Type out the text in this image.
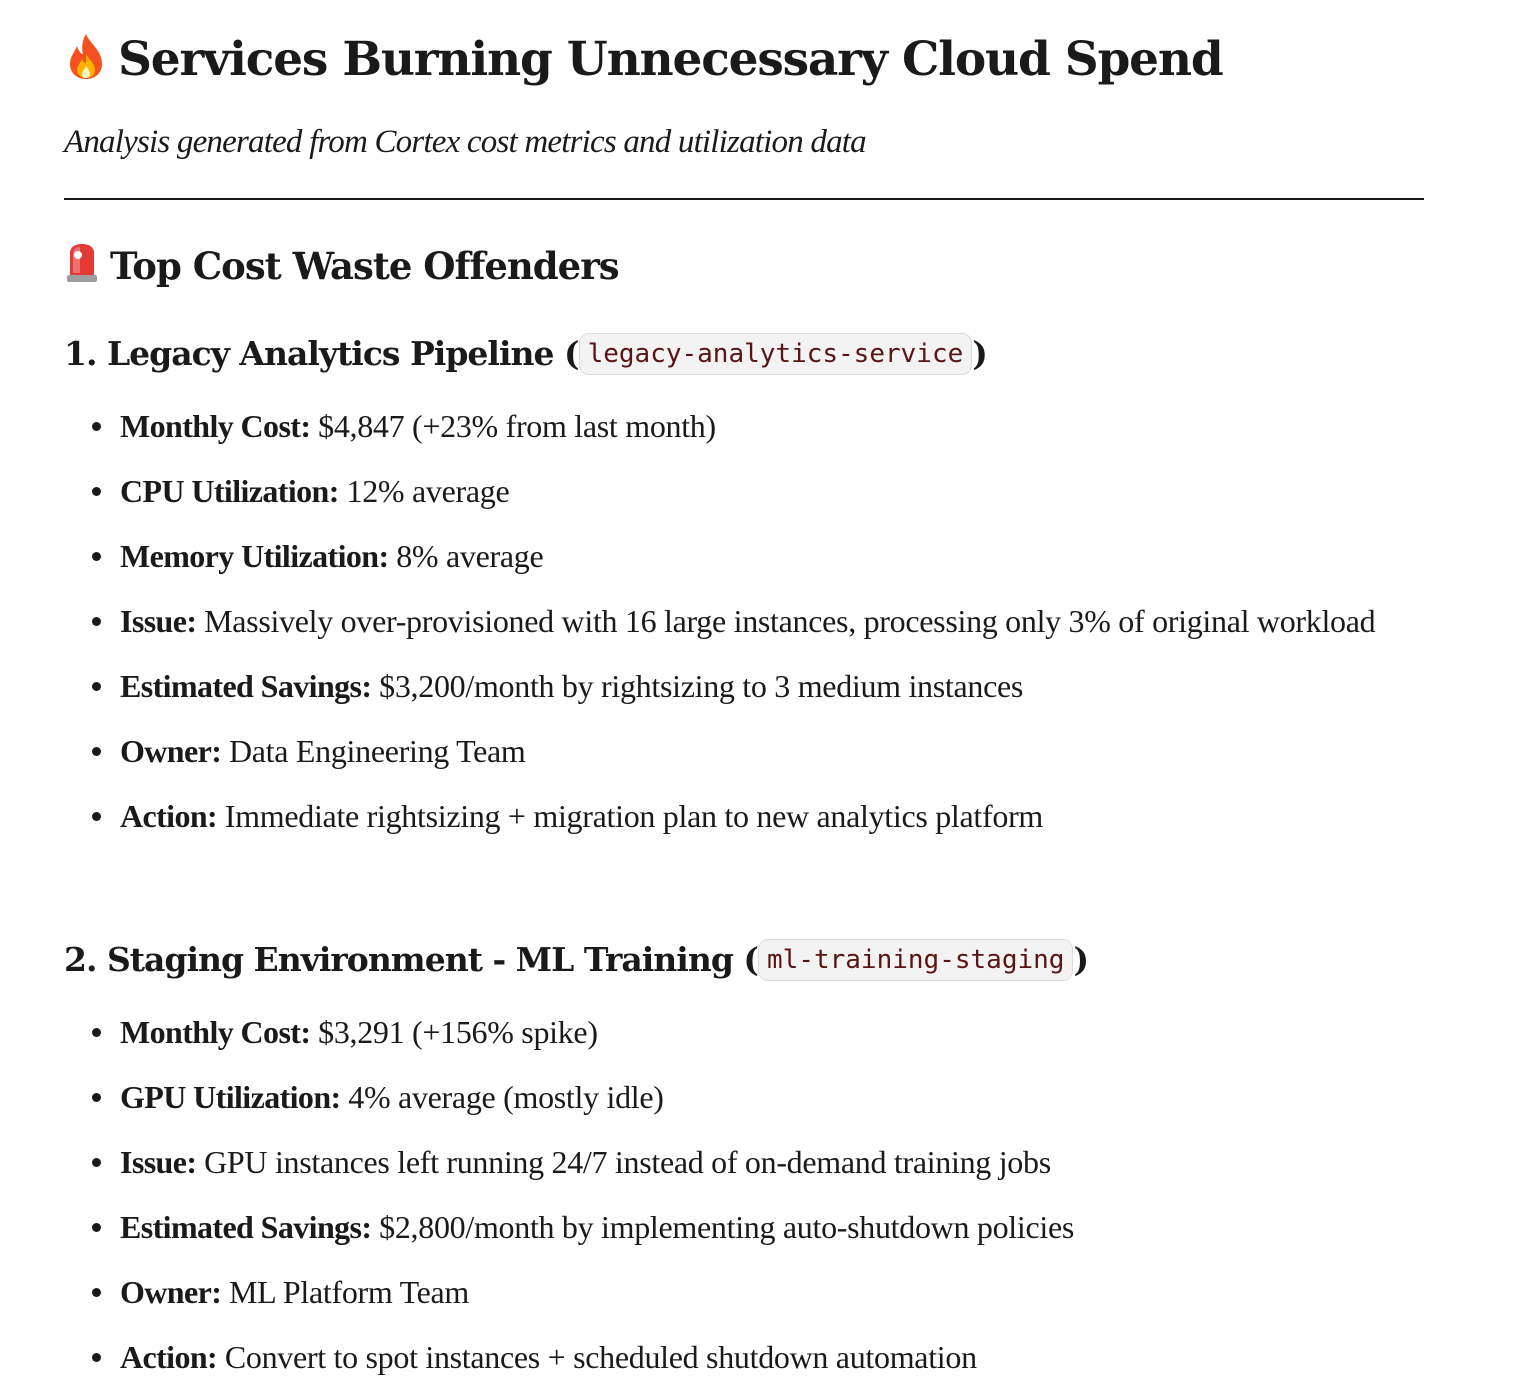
Services Burning Unnecessary Cloud Spend
Analysis generated from Cortex cost metrics and utilization data
Top Cost Waste Offenders
1. Legacy Analytics Pipeline ( legacy-analytics-service )
Monthly Cost: $4,847 (+23% from last month)
CPU Utilization: 12% average
Memory Utilization: 8% average
Issue: Massively over-provisioned with 16 large instances, processing only 3% of original workload
Estimated Savings: $3,200/month by rightsizing to 3 medium instances
Owner: Data Engineering Team
Action: Immediate rightsizing + migration plan to new analytics platform
2. Staging Environment - ML Training ( ml-training-staging )
Monthly Cost: $3,291 (+156% spike)
GPU Utilization: 4% average (mostly idle)
Issue: GPU instances left running 24/7 instead of on-demand training jobs
Estimated Savings: $2,800/month by implementing auto-shutdown policies
Owner: ML Platform Team
Action: Convert to spot instances + scheduled shutdown automation
